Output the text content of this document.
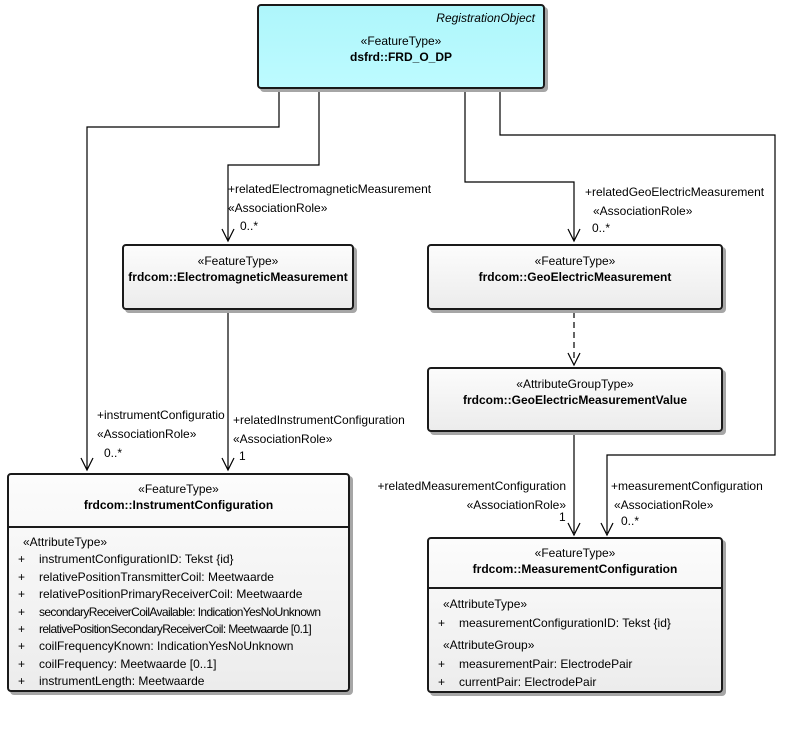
RegistrationObject
«FeatureType»
dsfrd::FRD_O_DP
«FeatureType»
frdcom::ElectromagneticMeasurement
«FeatureType»
frdcom::GeoElectricMeasurement
«AttributeGroupType»
frdcom::GeoElectricMeasurementValue
«FeatureType»
frdcom::InstrumentConfiguration
«AttributeType»
+	instrumentConfigurationID: Tekst {id}
+	relativePositionTransmitterCoil: Meetwaarde
+	relativePositionPrimaryReceiverCoil: Meetwaarde
+	secondaryReceiverCoilAvailable: IndicationYesNoUnknown
+	relativePositionSecondaryReceiverCoil: Meetwaarde [0.1]
+	coilFrequencyKnown: IndicationYesNoUnknown
+	coilFrequency: Meetwaarde [0..1]
+	instrumentLength: Meetwaarde
«FeatureType»
frdcom::MeasurementConfiguration
«AttributeType»
+	measurementConfigurationID: Tekst {id}
«AttributeGroup»
+	measurementPair: ElectrodePair
+	currentPair: ElectrodePair
+relatedElectromagneticMeasurement
«AssociationRole»
0..*
+relatedGeoElectricMeasurement
«AssociationRole»
0..*
+instrumentConfiguratio
«AssociationRole»
0..*
+relatedInstrumentConfiguration
«AssociationRole»
1
+relatedMeasurementConfiguration
«AssociationRole»
1
+measurementConfiguration
«AssociationRole»
0..*
